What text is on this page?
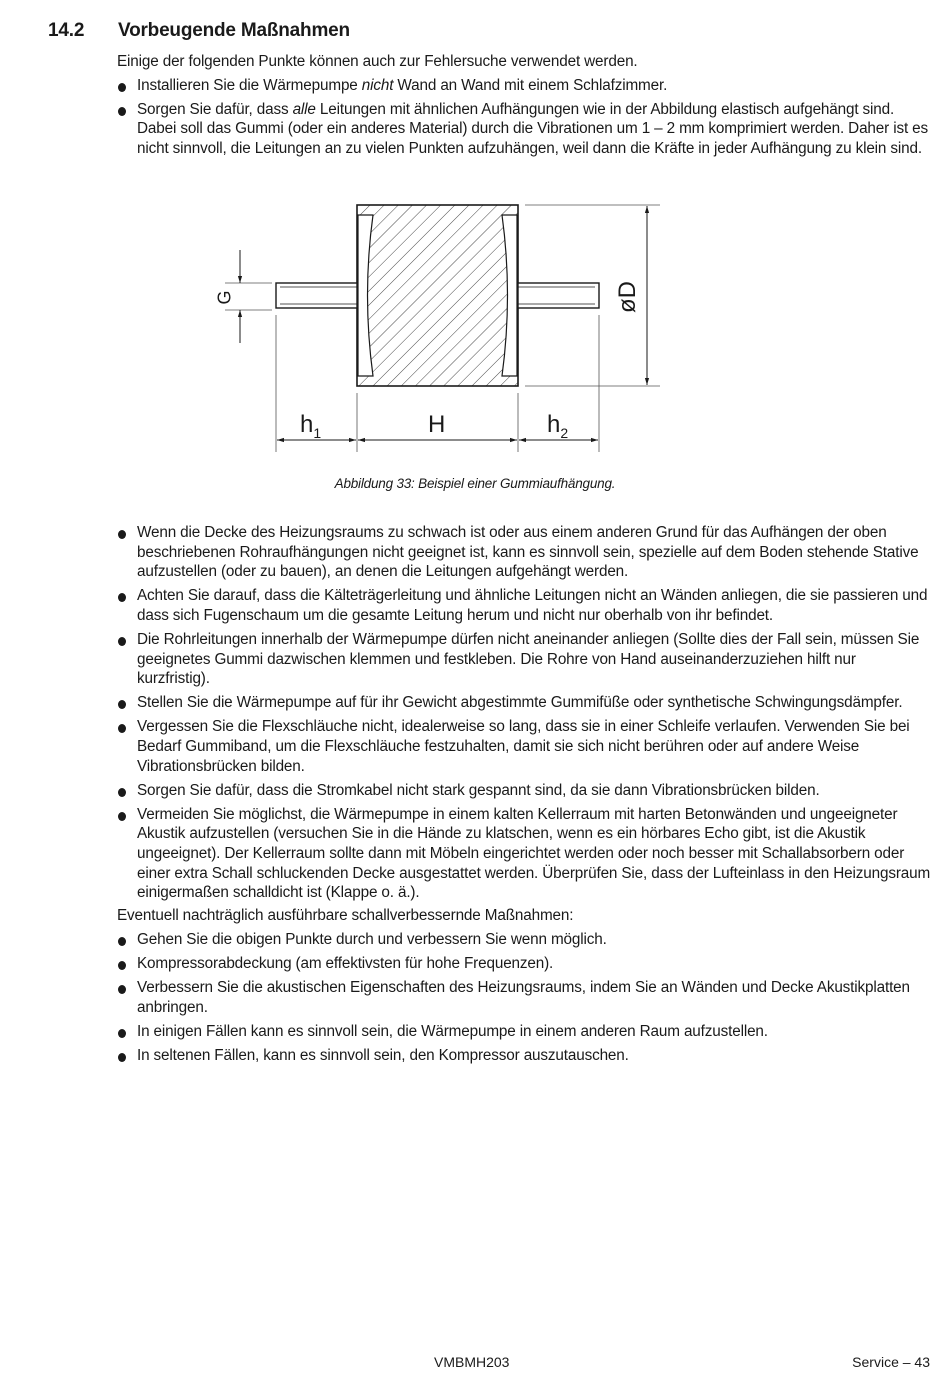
14.2 Vorbeugende Maßnahmen

Einige der folgenden Punkte können auch zur Fehlersuche verwendet werden.

Installieren Sie die Wärmepumpe nicht Wand an Wand mit einem Schlafzimmer.
Sorgen Sie dafür, dass alle Leitungen mit ähnlichen Aufhängungen wie in der Abbildung elastisch aufgehängt sind. Dabei soll das Gummi (oder ein anderes Material) durch die Vibrationen um 1 – 2 mm komprimiert werden. Daher ist es nicht sinnvoll, die Leitungen an zu vielen Punkten aufzuhängen, weil dann die Kräfte in jeder Aufhängung zu klein sind.
G	øD
$h_1$	H	$h_2$
Abbildung 33: Beispiel einer Gummiaufhängung.
Wenn die Decke des Heizungsraums zu schwach ist oder aus einem anderen Grund für das Aufhängen der oben beschriebenen Rohraufhängungen nicht geeignet ist, kann es sinnvoll sein, spezielle auf dem Boden stehende Stative aufzustellen (oder zu bauen), an denen die Leitungen aufgehängt werden.
Achten Sie darauf, dass die Kälteträgerleitung und ähnliche Leitungen nicht an Wänden anliegen, die sie passieren und dass sich Fugenschaum um die gesamte Leitung herum und nicht nur oberhalb von ihr befindet.
Die Rohrleitungen innerhalb der Wärmepumpe dürfen nicht aneinander anliegen (Sollte dies der Fall sein, müssen Sie geeignetes Gummi dazwischen klemmen und festkleben. Die Rohre von Hand auseinanderzuziehen hilft nur kurzfristig).
Stellen Sie die Wärmepumpe auf für ihr Gewicht abgestimmte Gummifüße oder synthetische Schwingungsdämpfer.
Vergessen Sie die Flexschläuche nicht, idealerweise so lang, dass sie in einer Schleife verlaufen. Verwenden Sie bei Bedarf Gummiband, um die Flexschläuche festzuhalten, damit sie sich nicht berühren oder auf andere Weise Vibrationsbrücken bilden.
Sorgen Sie dafür, dass die Stromkabel nicht stark gespannt sind, da sie dann Vibrationsbrücken bilden.
Vermeiden Sie möglichst, die Wärmepumpe in einem kalten Kellerraum mit harten Betonwänden und ungeeigneter Akustik aufzustellen (versuchen Sie in die Hände zu klatschen, wenn es ein hörbares Echo gibt, ist die Akustik ungeeignet). Der Kellerraum sollte dann mit Möbeln eingerichtet werden oder noch besser mit Schallabsorbern oder einer extra Schall schluckenden Decke ausgestattet werden. Überprüfen Sie, dass der Lufteinlass in den Heizungsraum einigermaßen schalldicht ist (Klappe o. ä.).

Eventuell nachträglich ausführbare schallverbessernde Maßnahmen:

Gehen Sie die obigen Punkte durch und verbessern Sie wenn möglich.
Kompressorabdeckung (am effektivsten für hohe Frequenzen).
Verbessern Sie die akustischen Eigenschaften des Heizungsraums, indem Sie an Wänden und Decke Akustikplatten anbringen.
In einigen Fällen kann es sinnvoll sein, die Wärmepumpe in einem anderen Raum aufzustellen.
In seltenen Fällen, kann es sinnvoll sein, den Kompressor auszutauschen.
VMBMH203	Service – 43
